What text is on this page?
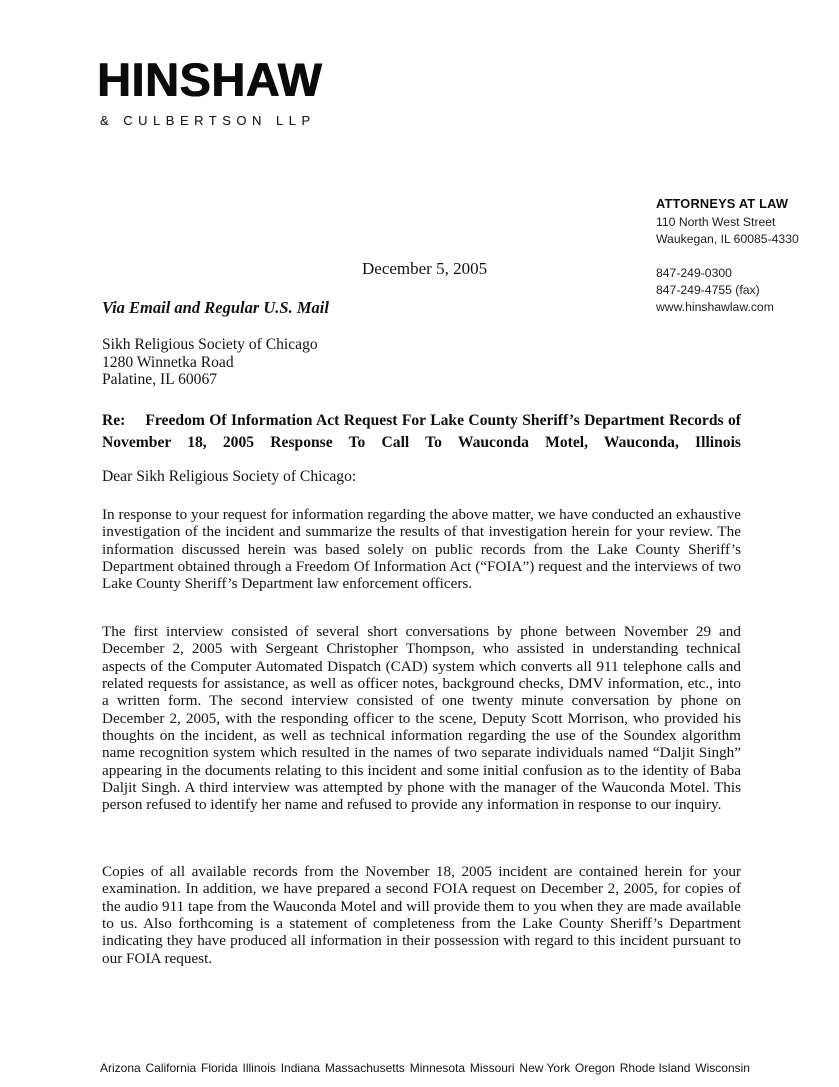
HINSHAW
& CULBERTSON LLP
ATTORNEYS AT LAW
110 North West Street
Waukegan, IL 60085-4330
847-249-0300
847-249-4755 (fax)
www.hinshawlaw.com
December 5, 2005
Via Email and Regular U.S. Mail
Sikh Religious Society of Chicago
1280 Winnetka Road
Palatine, IL 60067
Re: Freedom Of Information Act Request For Lake County Sheriff’s Department Records of November 18, 2005 Response To Call To Wauconda Motel, Wauconda, Illinois
Dear Sikh Religious Society of Chicago:
In response to your request for information regarding the above matter, we have conducted an exhaustive investigation of the incident and summarize the results of that investigation herein for your review. The information discussed herein was based solely on public records from the Lake County Sheriff’s Department obtained through a Freedom Of Information Act (“FOIA”) request and the interviews of two Lake County Sheriff’s Department law enforcement officers.
The first interview consisted of several short conversations by phone between November 29 and December 2, 2005 with Sergeant Christopher Thompson, who assisted in understanding technical aspects of the Computer Automated Dispatch (CAD) system which converts all 911 telephone calls and related requests for assistance, as well as officer notes, background checks, DMV information, etc., into a written form. The second interview consisted of one twenty minute conversation by phone on December 2, 2005, with the responding officer to the scene, Deputy Scott Morrison, who provided his thoughts on the incident, as well as technical information regarding the use of the Soundex algorithm name recognition system which resulted in the names of two separate individuals named “Daljit Singh” appearing in the documents relating to this incident and some initial confusion as to the identity of Baba Daljit Singh. A third interview was attempted by phone with the manager of the Wauconda Motel. This person refused to identify her name and refused to provide any information in response to our inquiry.
Copies of all available records from the November 18, 2005 incident are contained herein for your examination. In addition, we have prepared a second FOIA request on December 2, 2005, for copies of the audio 911 tape from the Wauconda Motel and will provide them to you when they are made available to us. Also forthcoming is a statement of completeness from the Lake County Sheriff’s Department indicating they have produced all information in their possession with regard to this incident pursuant to our FOIA request.
Arizona California Florida Illinois Indiana Massachusetts Minnesota Missouri New York Oregon Rhode Island Wisconsin
